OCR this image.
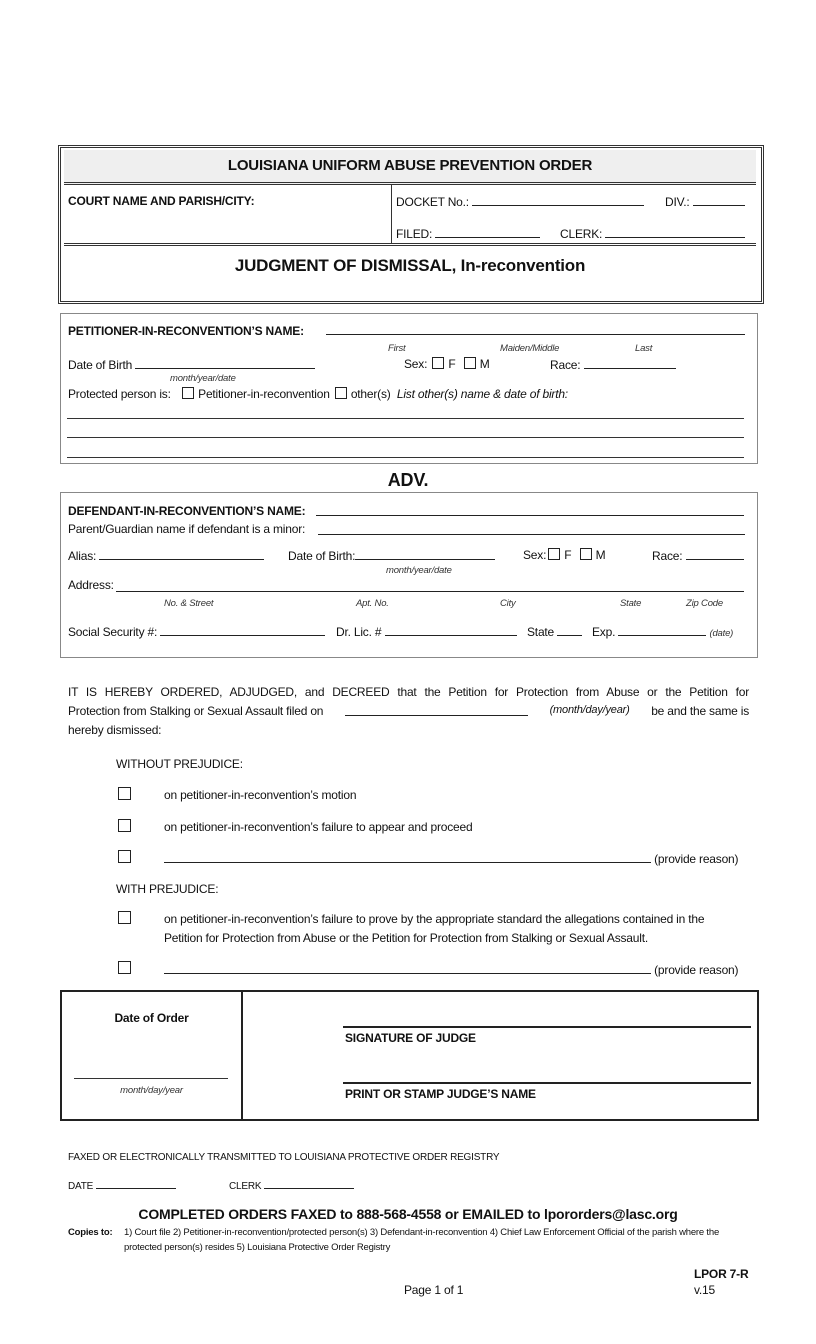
LOUISIANA UNIFORM ABUSE PREVENTION ORDER
COURT NAME AND PARISH/CITY:	DOCKET No.:	DIV.:
FILED:	CLERK:
JUDGMENT OF DISMISSAL, In-reconvention
PETITIONER-IN-RECONVENTION’S NAME:
First	Maiden/Middle	Last
Date of Birth
month/year/date
Sex: F M	Race:
Protected person is: Petitioner-in-reconvention other(s) List other(s) name & date of birth:
ADV.
DEFENDANT-IN-RECONVENTION’S NAME:
Parent/Guardian name if defendant is a minor:
Alias:	Date of Birth:
month/year/date
Sex: F M	Race:
Address:
No. & Street	Apt. No.	City	State	Zip Code
Social Security #:	Dr. Lic. #	State	Exp.	(date)
IT IS HEREBY ORDERED, ADJUDGED, and DECREED that the Petition for Protection from Abuse or the Petition for
Protection from Stalking or Sexual Assault filed on	(month/day/year) be and the same is
hereby dismissed:
WITHOUT PREJUDICE:
on petitioner-in-reconvention’s motion
on petitioner-in-reconvention’s failure to appear and proceed
(provide reason)
WITH PREJUDICE:
on petitioner-in-reconvention’s failure to prove by the appropriate standard the allegations contained in the
Petition for Protection from Abuse or the Petition for Protection from Stalking or Sexual Assault.
(provide reason)
Date of Order
month/day/year
SIGNATURE OF JUDGE
PRINT OR STAMP JUDGE’S NAME
FAXED OR ELECTRONICALLY TRANSMITTED TO LOUISIANA PROTECTIVE ORDER REGISTRY
DATE	CLERK
COMPLETED ORDERS FAXED to 888-568-4558 or EMAILED to lpororders@lasc.org
Copies to: 1) Court file 2) Petitioner-in-reconvention/protected person(s) 3) Defendant-in-reconvention 4) Chief Law Enforcement Official of the parish where the
protected person(s) resides 5) Louisiana Protective Order Registry
LPOR 7-R
v.15
Page 1 of 1
